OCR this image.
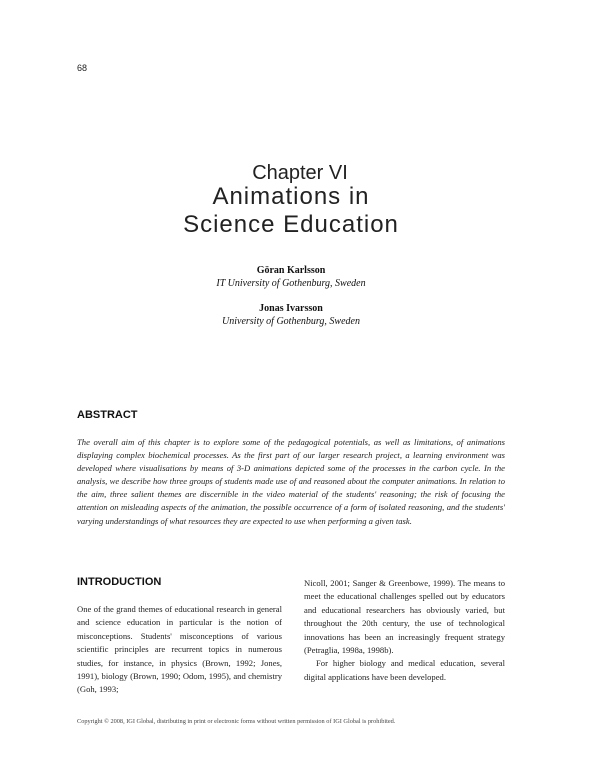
68
Chapter VI
Animations in
Science Education
Göran Karlsson
IT University of Gothenburg, Sweden
Jonas Ivarsson
University of Gothenburg, Sweden
ABSTRACT
The overall aim of this chapter is to explore some of the pedagogical potentials, as well as limitations, of animations displaying complex biochemical processes. As the first part of our larger research project, a learning environment was developed where visualisations by means of 3-D animations depicted some of the processes in the carbon cycle. In the analysis, we describe how three groups of students made use of and reasoned about the computer animations. In relation to the aim, three salient themes are discernible in the video material of the students' reasoning; the risk of focusing the attention on misleading aspects of the animation, the possible occurrence of a form of isolated reasoning, and the students' varying understandings of what resources they are expected to use when performing a given task.
INTRODUCTION

One of the grand themes of educational research in general and science education in particular is the notion of misconceptions. Students' misconceptions of various scientific principles are recurrent topics in numerous studies, for instance, in physics (Brown, 1992; Jones, 1991), biology (Brown, 1990; Odom, 1995), and chemistry (Goh, 1993;

Nicoll, 2001; Sanger & Greenbowe, 1999). The means to meet the educational challenges spelled out by educators and educational researchers has obviously varied, but throughout the 20th century, the use of technological innovations has been an increasingly frequent strategy (Petraglia, 1998a, 1998b).

For higher biology and medical education, several digital applications have been developed.

Copyright © 2008, IGI Global, distributing in print or electronic forms without written permission of IGI Global is prohibited.
